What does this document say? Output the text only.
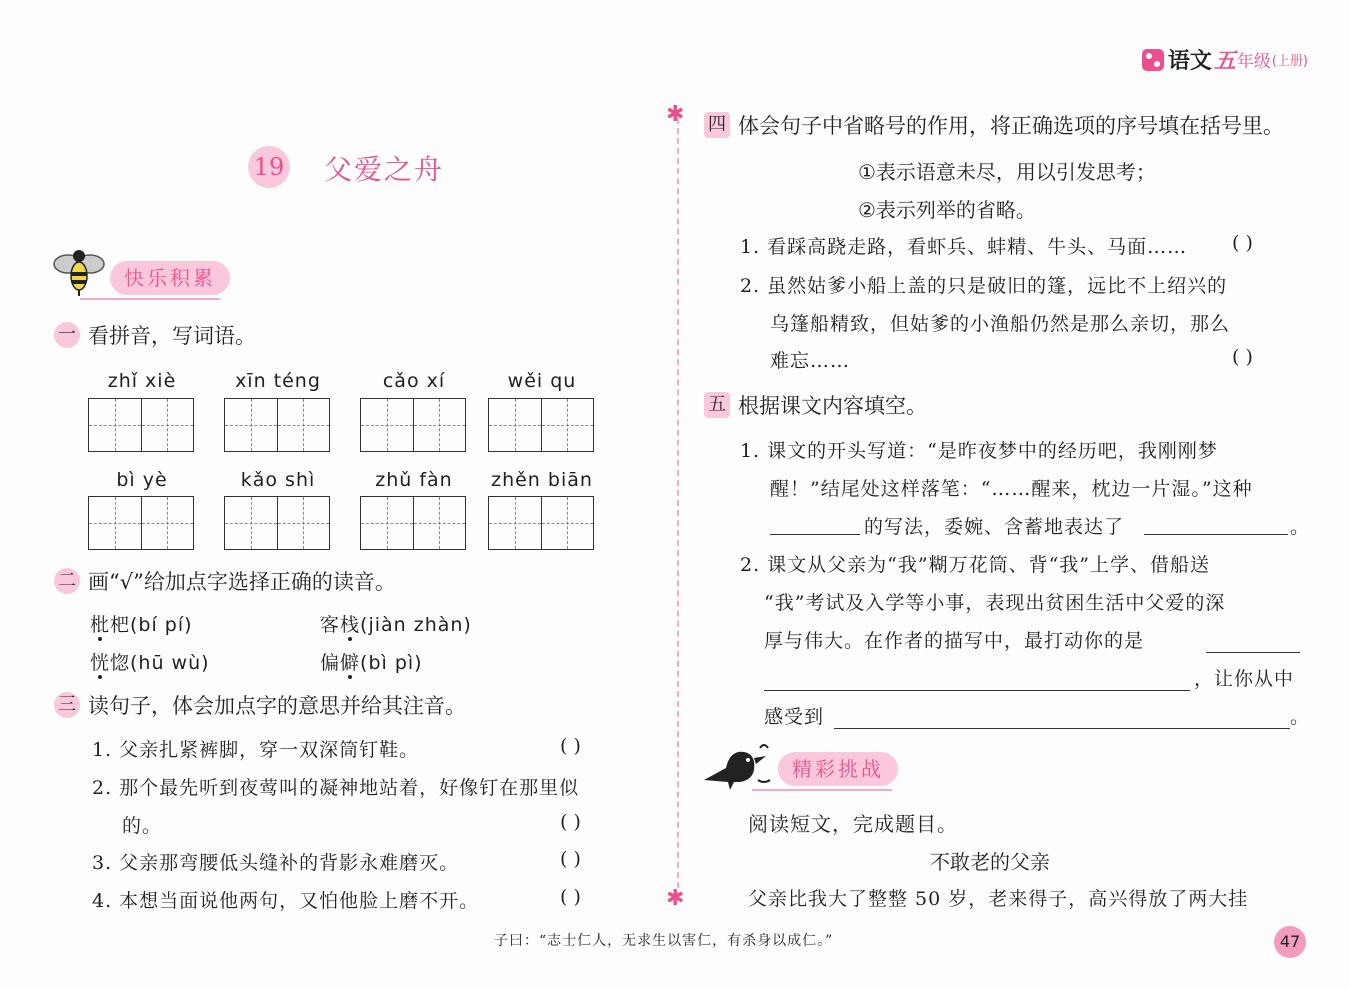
语文 五 年级 (上册)
✱
✱
19 父爱之舟
快乐积累
一 看拼音，写词语。
zhǐ xiè	xīn téng	cǎo xí	wěi qu
bì yè	kǎo shì	zhǔ fàn	zhěn biān
二 画“√”给加点字选择正确的读音。
枇杷(bí pí)	客栈(jiàn zhàn)
恍惚(hū wù)	偏僻(bì pì)
三 读句子，体会加点字的意思并给其注音。
1. 父亲扎紧裤脚，穿一双深筒钉鞋。	( )
2. 那个最先听到夜莺叫的凝神地站着，好像钉在那里似
的。	( )
3. 父亲那弯腰低头缝补的背影永难磨灭。	( )
4. 本想当面说他两句，又怕他脸上磨不开。	( )
四 体会句子中省略号的作用，将正确选项的序号填在括号里。
①表示语意未尽，用以引发思考；
②表示列举的省略。
1. 看踩高跷走路，看虾兵、蚌精、牛头、马面…… ( )
2. 虽然姑爹小船上盖的只是破旧的篷，远比不上绍兴的
乌篷船精致，但姑爹的小渔船仍然是那么亲切，那么
难忘……	( )
五 根据课文内容填空。
1. 课文的开头写道：“是昨夜梦中的经历吧，我刚刚梦
醒！”结尾处这样落笔：“……醒来，枕边一片湿。”这种
的写法，委婉、含蓄地表达了	。
2. 课文从父亲为“我”糊万花筒、背“我”上学、借船送
“我”考试及入学等小事，表现出贫困生活中父爱的深
厚与伟大。在作者的描写中，最打动你的是
，让你从中
感受到	。
精彩挑战
阅读短文，完成题目。
不敢老的父亲
父亲比我大了整整 50 岁，老来得子，高兴得放了两大挂
子曰：“志士仁人，无求生以害仁，有杀身以成仁。”	47
